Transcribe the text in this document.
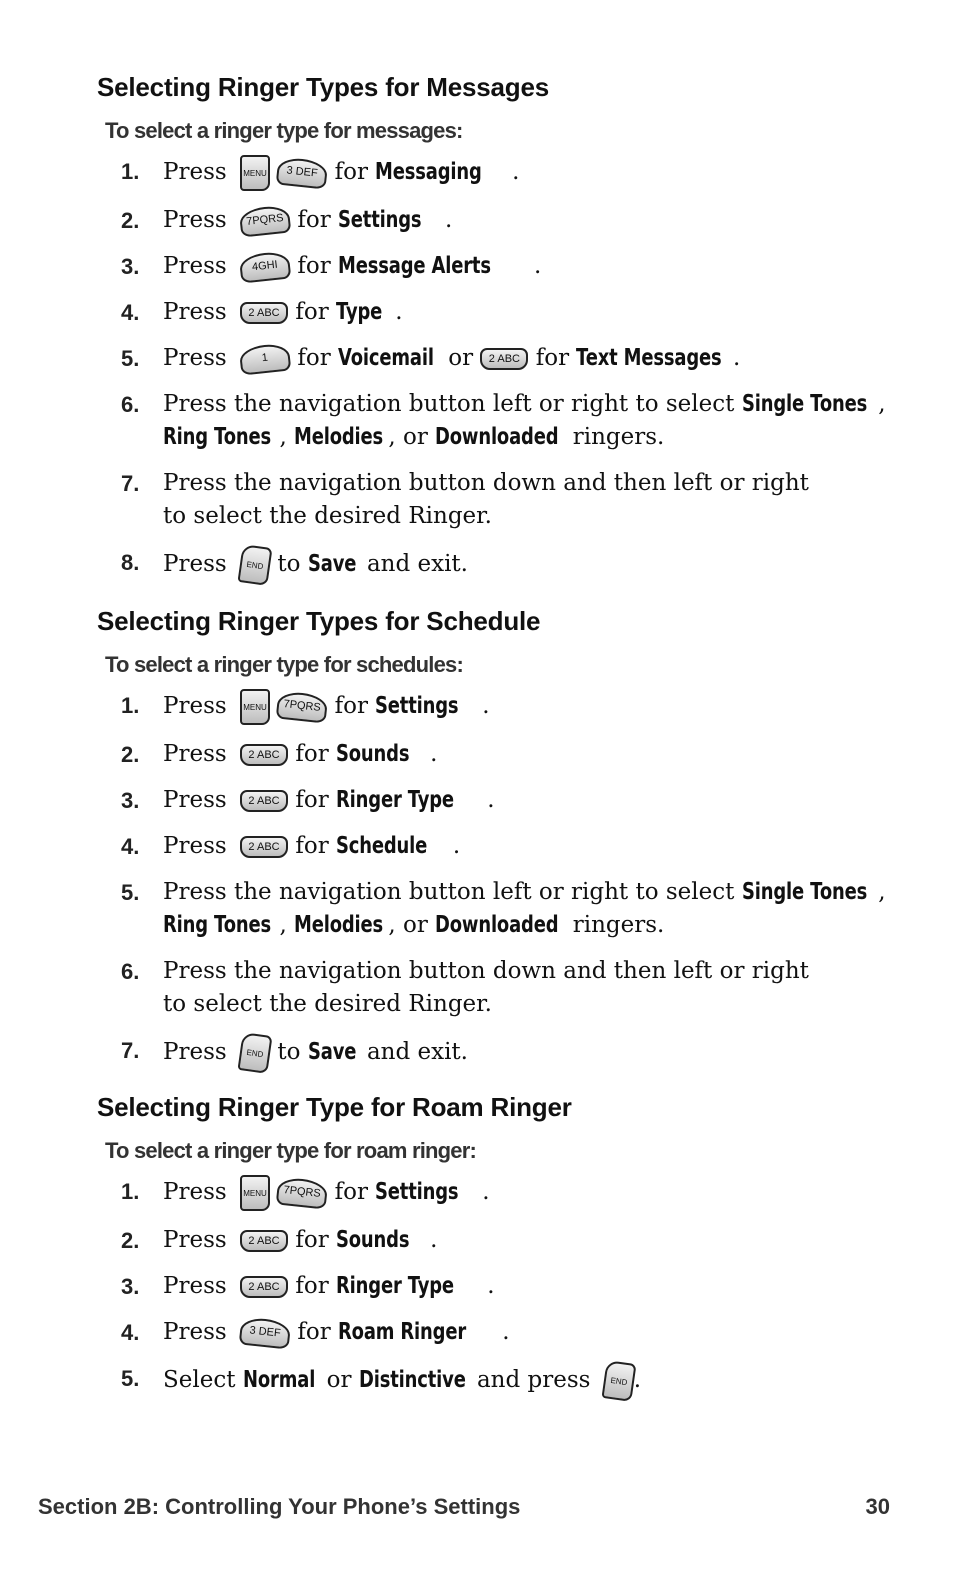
Selecting Ringer Types for Messages
To select a ringer type for messages:
1. Press MENU 3 DEF for Messaging .
2. Press 7PQRS for Settings .
3. Press 4GHI for Message Alerts .
4. Press 2 ABC for Type .
5. Press	1 for Voicemail or 2 ABC for Text Messages .
6. Press the navigation button left or right to select Single Tones ,
Ring Tones , Melodies , or Downloaded ringers.
7. Press the navigation button down and then left or right to select the desired Ringer.
8. Press END to Save and exit.
Selecting Ringer Types for Schedule
To select a ringer type for schedules:
1. Press MENU 7PQRS for Settings .
2. Press 2 ABC for Sounds .
3. Press 2 ABC for Ringer Type .
4. Press 2 ABC for Schedule .
5. Press the navigation button left or right to select Single Tones ,
Ring Tones , Melodies , or Downloaded ringers.
6. Press the navigation button down and then left or right to select the desired Ringer.
7. Press END to Save and exit.
Selecting Ringer Type for Roam Ringer
To select a ringer type for roam ringer:
1. Press MENU 7PQRS for Settings .
2. Press 2 ABC for Sounds .
3. Press 2 ABC for Ringer Type .
4. Press 3 DEF for Roam Ringer .
5. Select Normal or Distinctive and press END .
Section 2B: Controlling Your Phone’s Settings	30
